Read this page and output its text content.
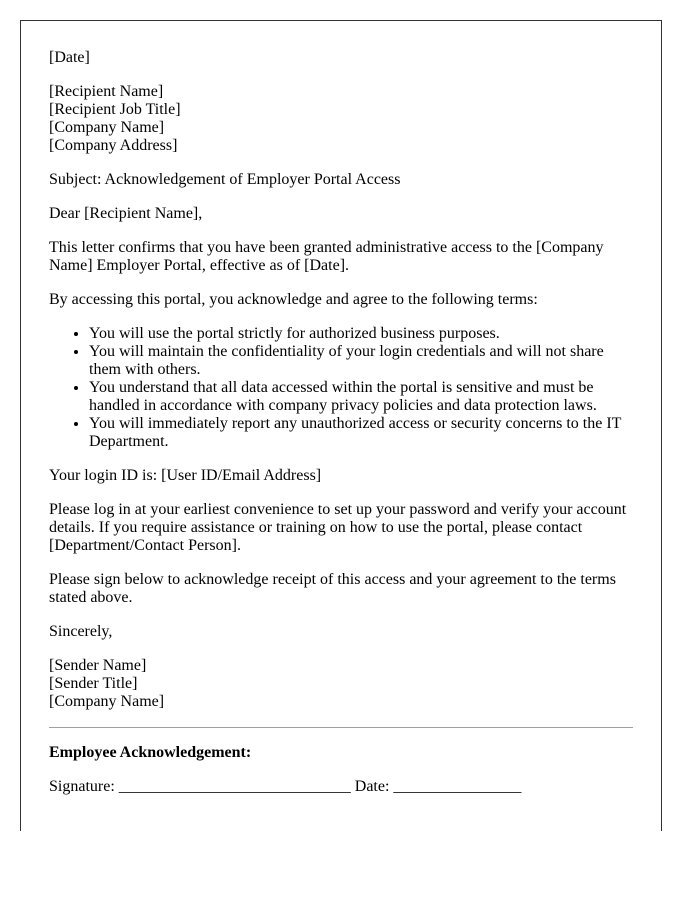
[Date]

[Recipient Name]
[Recipient Job Title]
[Company Name]
[Company Address]

Subject: Acknowledgement of Employer Portal Access

Dear [Recipient Name],

This letter confirms that you have been granted administrative access to the [Company Name] Employer Portal, effective as of [Date].

By accessing this portal, you acknowledge and agree to the following terms:

• You will use the portal strictly for authorized business purposes.
• You will maintain the confidentiality of your login credentials and will not share them with others.
• You understand that all data accessed within the portal is sensitive and must be handled in accordance with company privacy policies and data protection laws.
• You will immediately report any unauthorized access or security concerns to the IT Department.

Your login ID is: [User ID/Email Address]

Please log in at your earliest convenience to set up your password and verify your account details. If you require assistance or training on how to use the portal, please contact [Department/Contact Person].

Please sign below to acknowledge receipt of this access and your agreement to the terms stated above.

Sincerely,

[Sender Name]
[Sender Title]
[Company Name]

Employee Acknowledgement:

Signature: _____________________________ Date: ________________
